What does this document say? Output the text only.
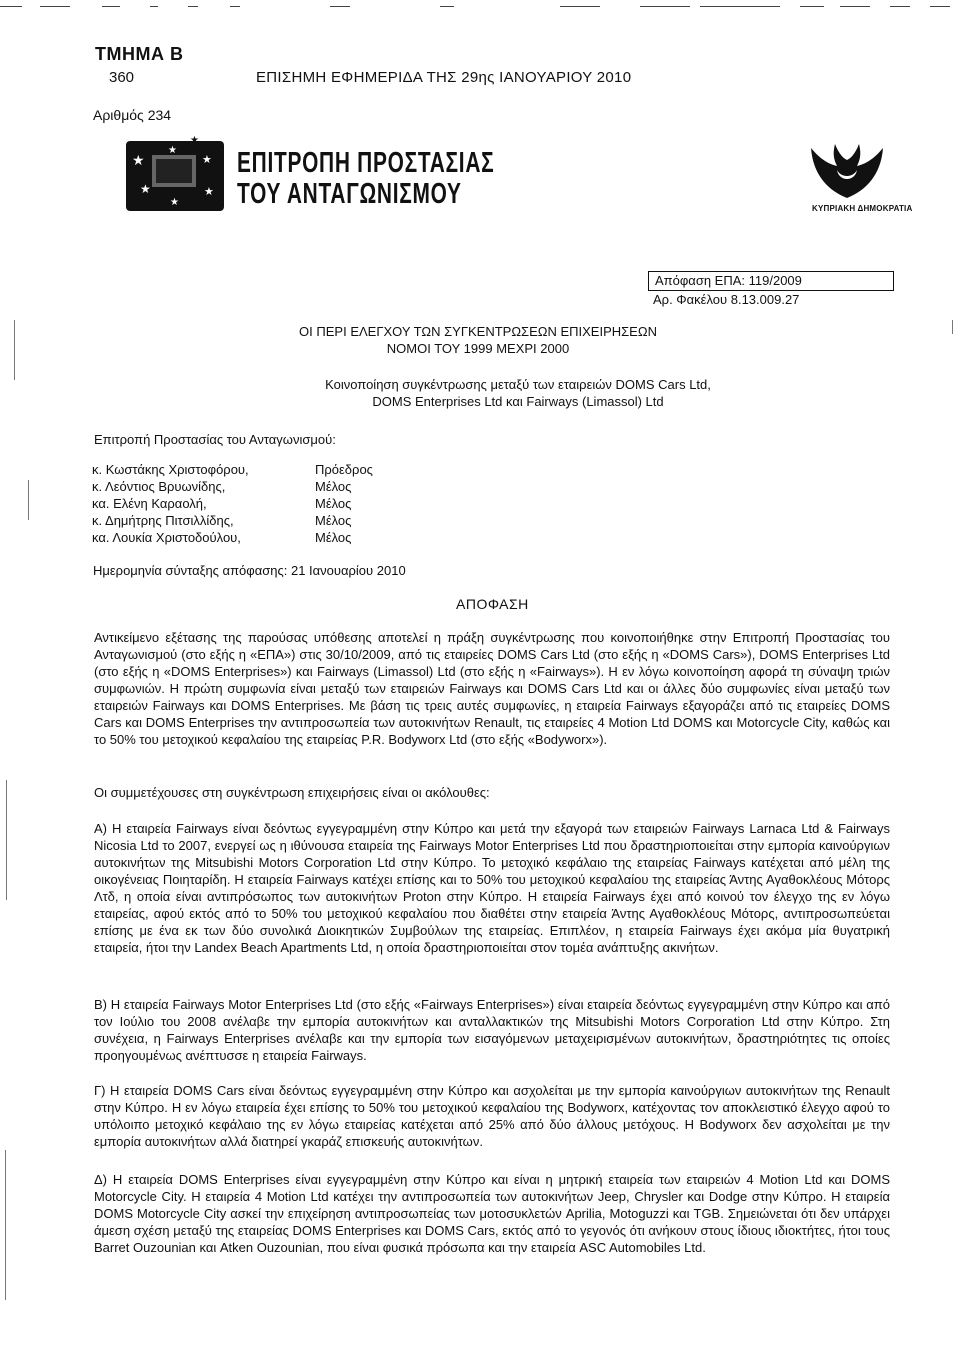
ΤΜΗΜΑ Β
360	ΕΠΙΣΗΜΗ ΕΦΗΜΕΡΙΔΑ ΤΗΣ 29ης ΙΑΝΟΥΑΡΙΟΥ 2010
Αριθμός 234
★
★
★
★
★
★
★
ΕΠΙΤΡΟΠΗ ΠΡΟΣΤΑΣΙΑΣ
ΤΟΥ ΑΝΤΑΓΩΝΙΣΜΟΥ	ΚΥΠΡΙΑΚΗ ΔΗΜΟΚΡΑΤΙΑ
Απόφαση ΕΠΑ: 119/2009
Αρ. Φακέλου 8.13.009.27
ΟΙ ΠΕΡΙ ΕΛΕΓΧΟΥ ΤΩΝ ΣΥΓΚΕΝΤΡΩΣΕΩΝ ΕΠΙΧΕΙΡΗΣΕΩΝ
ΝΟΜΟΙ ΤΟΥ 1999 ΜΕΧΡΙ 2000
Κοινοποίηση συγκέντρωσης μεταξύ των εταιρειών DOMS Cars Ltd,
DOMS Enterprises Ltd και Fairways (Limassol) Ltd
Επιτροπή Προστασίας του Ανταγωνισμού:
κ. Κωστάκης Χριστοφόρου,	Πρόεδρος
κ. Λεόντιος Βρυωνίδης,	Μέλος
κα. Ελένη Καραολή,	Μέλος
κ. Δημήτρης Πιτσιλλίδης,	Μέλος
κα. Λουκία Χριστοδούλου,	Μέλος
Ημερομηνία σύνταξης απόφασης: 21 Ιανουαρίου 2010
ΑΠΟΦΑΣΗ

Αντικείμενο εξέτασης της παρούσας υπόθεσης αποτελεί η πράξη συγκέντρωσης που κοινοποιήθηκε στην Επιτροπή Προστασίας του Ανταγωνισμού (στο εξής η «ΕΠΑ») στις 30/10/2009, από τις εταιρείες DOMS Cars Ltd (στο εξής η «DOMS Cars»), DOMS Enterprises Ltd (στο εξής η «DOMS Enterprises») και Fairways (Limassol) Ltd (στο εξής η «Fairways»). Η εν λόγω κοινοποίηση αφορά τη σύναψη τριών συμφωνιών. Η πρώτη συμφωνία είναι μεταξύ των εταιρειών Fairways και DOMS Cars Ltd και οι άλλες δύο συμφωνίες είναι μεταξύ των εταιρειών Fairways και DOMS Enterprises. Με βάση τις τρεις αυτές συμφωνίες, η εταιρεία Fairways εξαγοράζει από τις εταιρείες DOMS Cars και DOMS Enterprises την αντιπροσωπεία των αυτοκινήτων Renault, τις εταιρείες 4 Motion Ltd DOMS και Motorcycle City, καθώς και το 50% του μετοχικού κεφαλαίου της εταιρείας P.R. Bodyworx Ltd (στο εξής «Bodyworx»).

Οι συμμετέχουσες στη συγκέντρωση επιχειρήσεις είναι οι ακόλουθες:

Α) Η εταιρεία Fairways είναι δεόντως εγγεγραμμένη στην Κύπρο και μετά την εξαγορά των εταιρειών Fairways Larnaca Ltd & Fairways Nicosia Ltd το 2007, ενεργεί ως η ιθύνουσα εταιρεία της Fairways Motor Enterprises Ltd που δραστηριοποιείται στην εμπορία καινούργιων αυτοκινήτων της Mitsubishi Motors Corporation Ltd στην Κύπρο. Το μετοχικό κεφάλαιο της εταιρείας Fairways κατέχεται από μέλη της οικογένειας Ποιηταρίδη. Η εταιρεία Fairways κατέχει επίσης και το 50% του μετοχικού κεφαλαίου της εταιρείας Άντης Αγαθοκλέους Μότορς Λτδ, η οποία είναι αντιπρόσωπος των αυτοκινήτων Proton στην Κύπρο. Η εταιρεία Fairways έχει από κοινού τον έλεγχο της εν λόγω εταιρείας, αφού εκτός από το 50% του μετοχικού κεφαλαίου που διαθέτει στην εταιρεία Άντης Αγαθοκλέους Μότορς, αντιπροσωπεύεται επίσης με ένα εκ των δύο συνολικά Διοικητικών Συμβούλων της εταιρείας. Επιπλέον, η εταιρεία Fairways έχει ακόμα μία θυγατρική εταιρεία, ήτοι την Landex Beach Apartments Ltd, η οποία δραστηριοποιείται στον τομέα ανάπτυξης ακινήτων.

Β) Η εταιρεία Fairways Motor Enterprises Ltd (στο εξής «Fairways Enterprises») είναι εταιρεία δεόντως εγγεγραμμένη στην Κύπρο και από τον Ιούλιο του 2008 ανέλαβε την εμπορία αυτοκινήτων και ανταλλακτικών της Mitsubishi Motors Corporation Ltd στην Κύπρο. Στη συνέχεια, η Fairways Enterprises ανέλαβε και την εμπορία των εισαγόμενων μεταχειρισμένων αυτοκινήτων, δραστηριότητες τις οποίες προηγουμένως ανέπτυσσε η εταιρεία Fairways.

Γ) Η εταιρεία DOMS Cars είναι δεόντως εγγεγραμμένη στην Κύπρο και ασχολείται με την εμπορία καινούργιων αυτοκινήτων της Renault στην Κύπρο. Η εν λόγω εταιρεία έχει επίσης το 50% του μετοχικού κεφαλαίου της Bodyworx, κατέχοντας τον αποκλειστικό έλεγχο αφού το υπόλοιπο μετοχικό κεφάλαιο της εν λόγω εταιρείας κατέχεται από 25% από δύο άλλους μετόχους. Η Bodyworx δεν ασχολείται με την εμπορία αυτοκινήτων αλλά διατηρεί γκαράζ επισκευής αυτοκινήτων.

Δ) Η εταιρεία DOMS Enterprises είναι εγγεγραμμένη στην Κύπρο και είναι η μητρική εταιρεία των εταιρειών 4 Motion Ltd και DOMS Motorcycle City. Η εταιρεία 4 Motion Ltd κατέχει την αντιπροσωπεία των αυτοκινήτων Jeep, Chrysler και Dodge στην Κύπρο. Η εταιρεία DOMS Motorcycle City ασκεί την επιχείρηση αντιπροσωπείας των μοτοσυκλετών Aprilia, Motoguzzi και TGB. Σημειώνεται ότι δεν υπάρχει άμεση σχέση μεταξύ της εταιρείας DOMS Enterprises και DOMS Cars, εκτός από το γεγονός ότι ανήκουν στους ίδιους ιδιοκτήτες, ήτοι τους Barret Ouzounian και Atken Ouzounian, που είναι φυσικά πρόσωπα και την εταιρεία ASC Automobiles Ltd.
